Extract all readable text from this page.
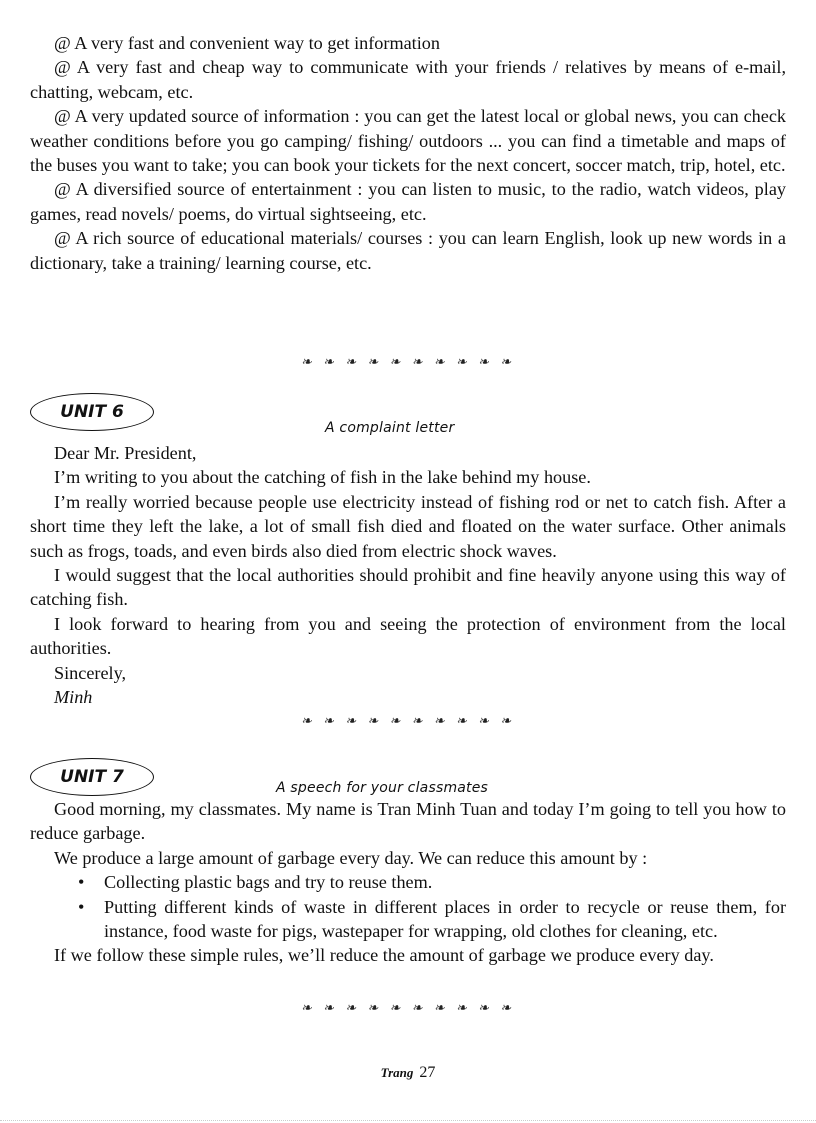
@ A very fast and convenient way to get information

@ A very fast and cheap way to communicate with your friends / relatives by means of e-mail, chatting, webcam, etc.

@ A very updated source of information : you can get the latest local or global news, you can check weather conditions before you go camping/ fishing/ outdoors ... you can find a timetable and maps of the buses you want to take; you can book your tickets for the next concert, soccer match, trip, hotel, etc.

@ A diversified source of entertainment : you can listen to music, to the radio, watch videos, play games, read novels/ poems, do virtual sightseeing, etc.

@ A rich source of educational materials/ courses : you can learn English, look up new words in a dictionary, take a training/ learning course, etc.

❧ ❧ ❧ ❧ ❧ ❧ ❧ ❧ ❧ ❧
UNIT 6
A complaint letter

Dear Mr. President,

I’m writing to you about the catching of fish in the lake behind my house.

I’m really worried because people use electricity instead of fishing rod or net to catch fish. After a short time they left the lake, a lot of small fish died and floated on the water surface. Other animals such as frogs, toads, and even birds also died from electric shock waves.

I would suggest that the local authorities should prohibit and fine heavily anyone using this way of catching fish.

I look forward to hearing from you and seeing the protection of environment from the local authorities.

Sincerely,

Minh

❧ ❧ ❧ ❧ ❧ ❧ ❧ ❧ ❧ ❧
UNIT 7
A speech for your classmates

Good morning, my classmates. My name is Tran Minh Tuan and today I’m going to tell you how to reduce garbage.

We produce a large amount of garbage every day. We can reduce this amount by :

• Collecting plastic bags and try to reuse them.
• Putting different kinds of waste in different places in order to recycle or reuse them, for instance, food waste for pigs, wastepaper for wrapping, old clothes for cleaning, etc.

If we follow these simple rules, we’ll reduce the amount of garbage we produce every day.

❧ ❧ ❧ ❧ ❧ ❧ ❧ ❧ ❧ ❧
Trang 27
